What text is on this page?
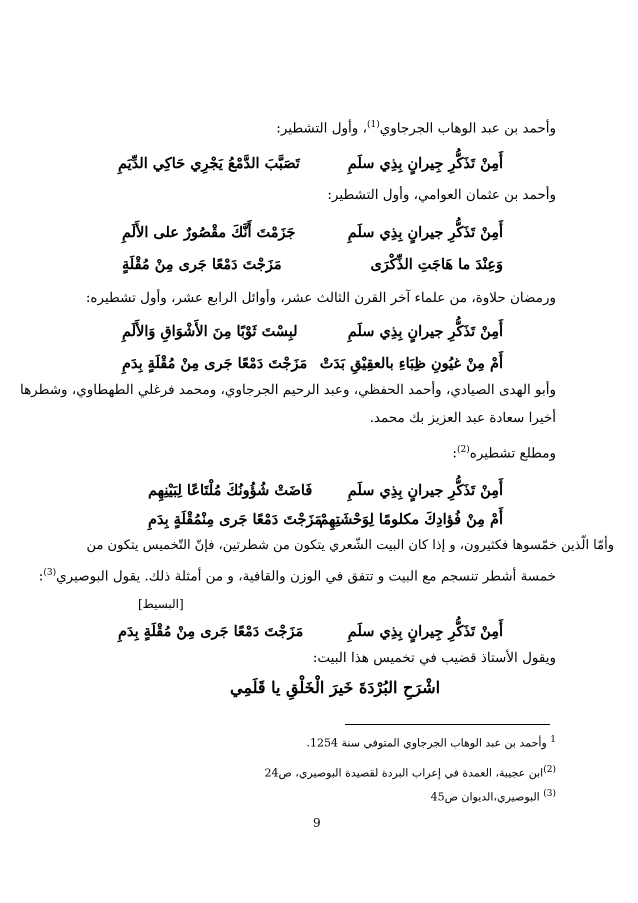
وأحمد بن عبد الوهاب الجرجاوي$^{(1)}$، وأول التشطير:
أَمِنْ تَذَكُّرِ جِيرانٍ بِذِي سلَمِ
تَصَبَّبَ الدَّمْعُ يَجْرِي حَاكِي الدِّيَمِ
وأحمد بن عثمان العوامي، وأول التشطير:
أَمِنْ تَذَكُّرِ جيرانٍ بِذِي سلَمِ
جَزَمْتَ أَنَّكَ مقْصُورٌ على الأَلَمِ
وَعِنْدَ ما هَاجَتِ الذِّكْرَى
مَزَجْتَ دَمْعًا جَرى مِنْ مُقْلَةٍ
ورمضان حلاوة، من علماء آخر القرن الثالث عشر، وأوائل الرابع عشر، وأول تشطيره:
أَمِنْ تَذَكُّرِ جيرانٍ بِذِي سلَمِ
لبِسْتَ ثَوْبًا مِنَ الأَشْوَاقِ وَالأَلَمِ
أَمْ مِنْ غيُونِ ظِبَاءِ بالعقِيْقِ بَدَتْ
مَزَجْتَ دَمْعًا جَرى مِنْ مُقْلَةٍ بِدَمِ
وأبو الهدى الصيادي، وأحمد الحفظي، وعبد الرحيم الجرجاوي، ومحمد فرغلي الطهطاوي، وشطرها
أخيرا سعادة عبد العزيز بك محمد.
ومطلع تشطيره$^{(2)}$:
أَمِنْ تَذَكُّرِ جيرانٍ بِذِي سلَمِ
فَاضَتْ شُؤُونُكَ مُلْتَاعًا لِبَيْنِهِم
أَمْ مِنْ فُؤادِكَ مكلومًا لِوَحْشَتِهِمْ
مَزَجْتَ دَمْعًا جَرى مِنْمُقْلَةٍ بِدَمِ
وأمّا الّذين خمّسوها فكثيرون، و إذا كان البيت الشّعري يتكون من شطرتين، فإنّ التّخميس يتكون من
خمسة أشطر تنسجم مع البيت و تتفق في الوزن والقافية، و من أمثلة ذلك. يقول البوصيري$^{(3)}$:
[البسيط]
أَمِنْ تَذَكُّرِ جِيرانٍ بِذِي سلَمِ
مَزَجْتَ دَمْعًا جَرى مِنْ مُقْلَةٍ بِدَمِ
ويقول الأستاذ قضيب في تخميس هذا البيت:
اشْرَحِ البُرْدَةَ خَيرَ الْخَلْقِ يا قَلَمِي
$^1$ وأحمد بن عبد الوهاب الجرجاوي المتوفي سنة 1254.
$^{(2)}$ابن عجيبة، العمدة في إعراب البردة لقصيدة البوصيري، ص24
$^{(3)}$ البوصيري،الديوان ص45
9
